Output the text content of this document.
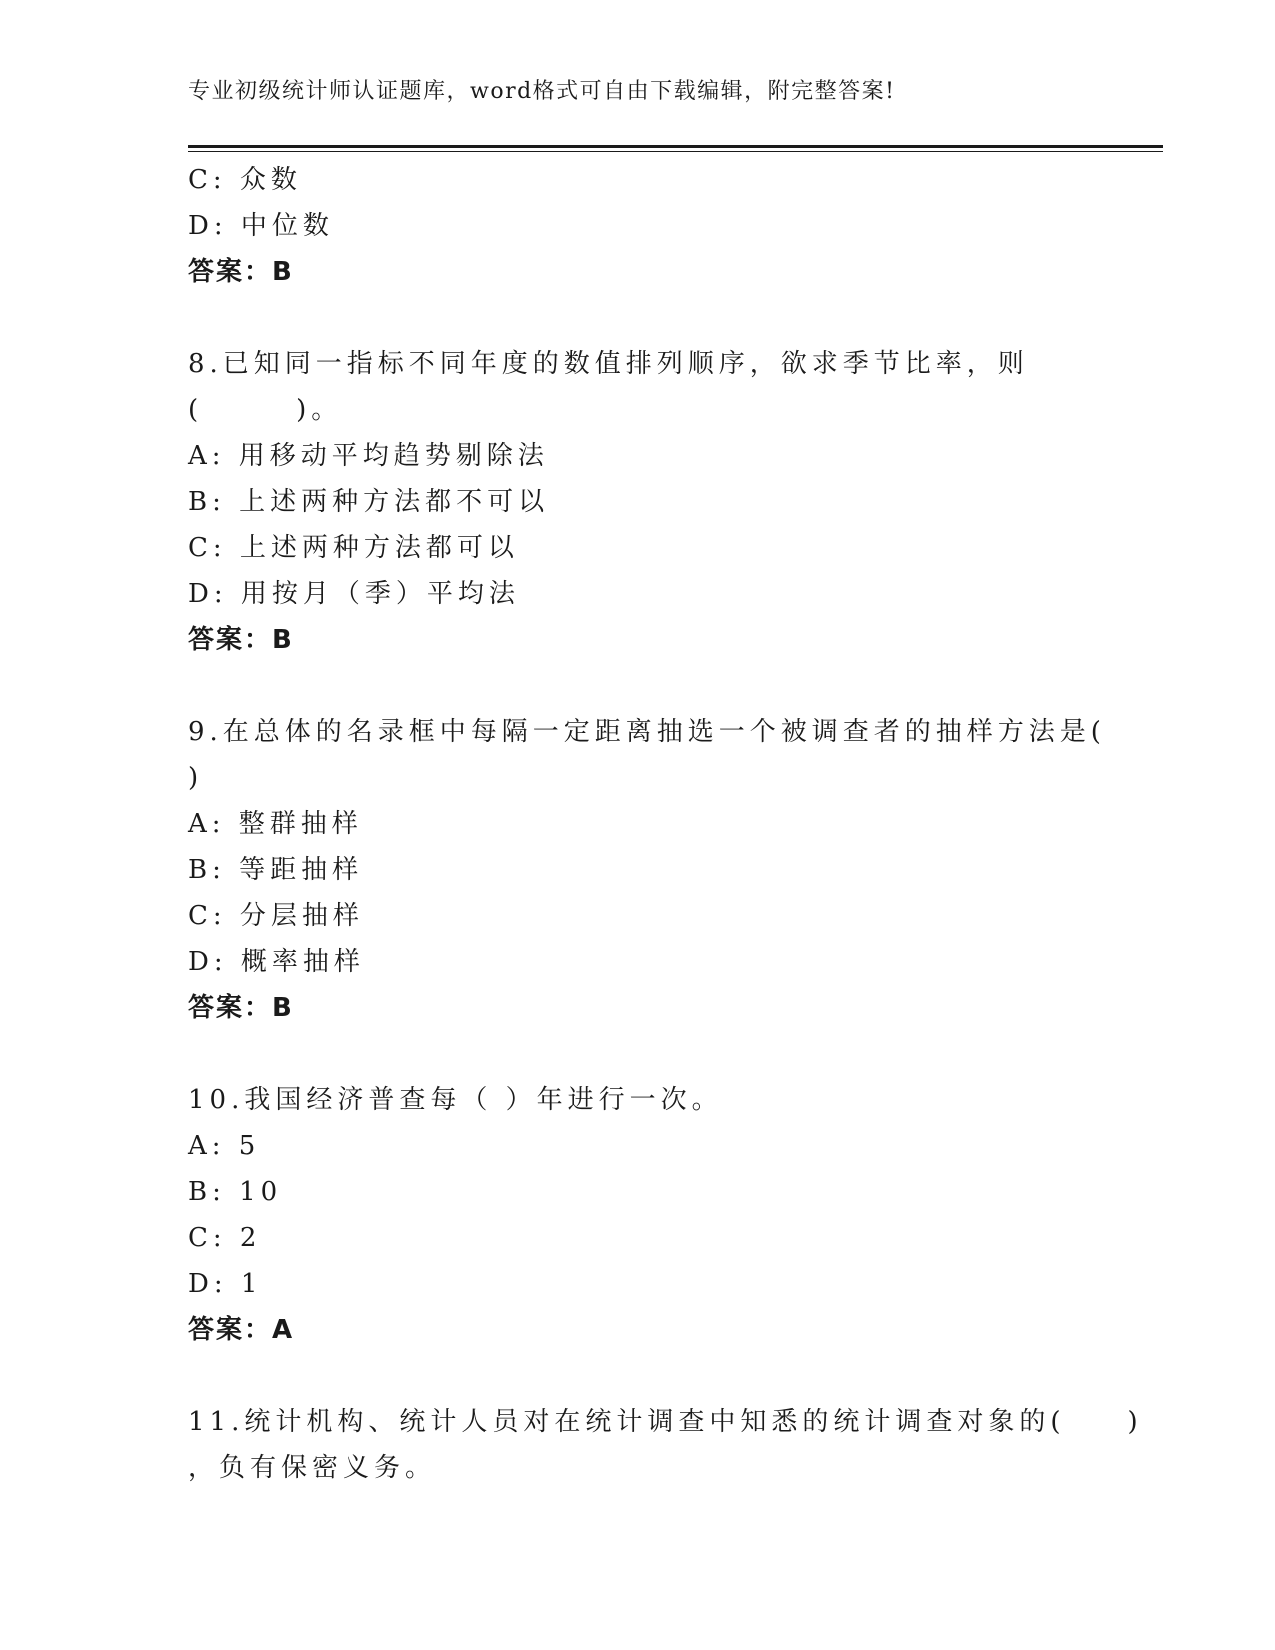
专业初级统计师认证题库，word格式可自由下载编辑，附完整答案!
C: 众数
D: 中位数
答案：B
8.已知同一指标不同年度的数值排列顺序，欲求季节比率，则
(　　　)。
A: 用移动平均趋势剔除法
B: 上述两种方法都不可以
C: 上述两种方法都可以
D: 用按月（季）平均法
答案：B
9.在总体的名录框中每隔一定距离抽选一个被调查者的抽样方法是(
)
A: 整群抽样
B: 等距抽样
C: 分层抽样
D: 概率抽样
答案：B
10.我国经济普查每（ ）年进行一次。
A: 5
B: 10
C: 2
D: 1
答案：A
11.统计机构、统计人员对在统计调查中知悉的统计调查对象的(　　)
，负有保密义务。
